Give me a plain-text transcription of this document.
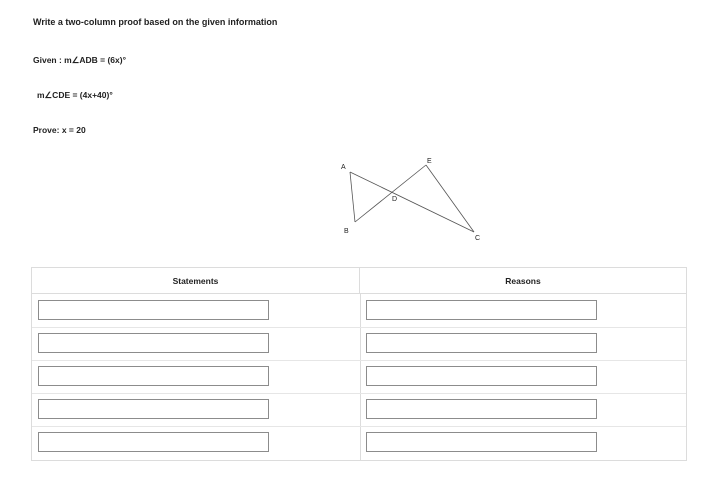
Write a two-column proof based on the given information
Given : m∠ADB = (6x)°
m∠CDE = (4x+40)°
Prove: x = 20
A
B
C
D
E
Statements	Reasons
